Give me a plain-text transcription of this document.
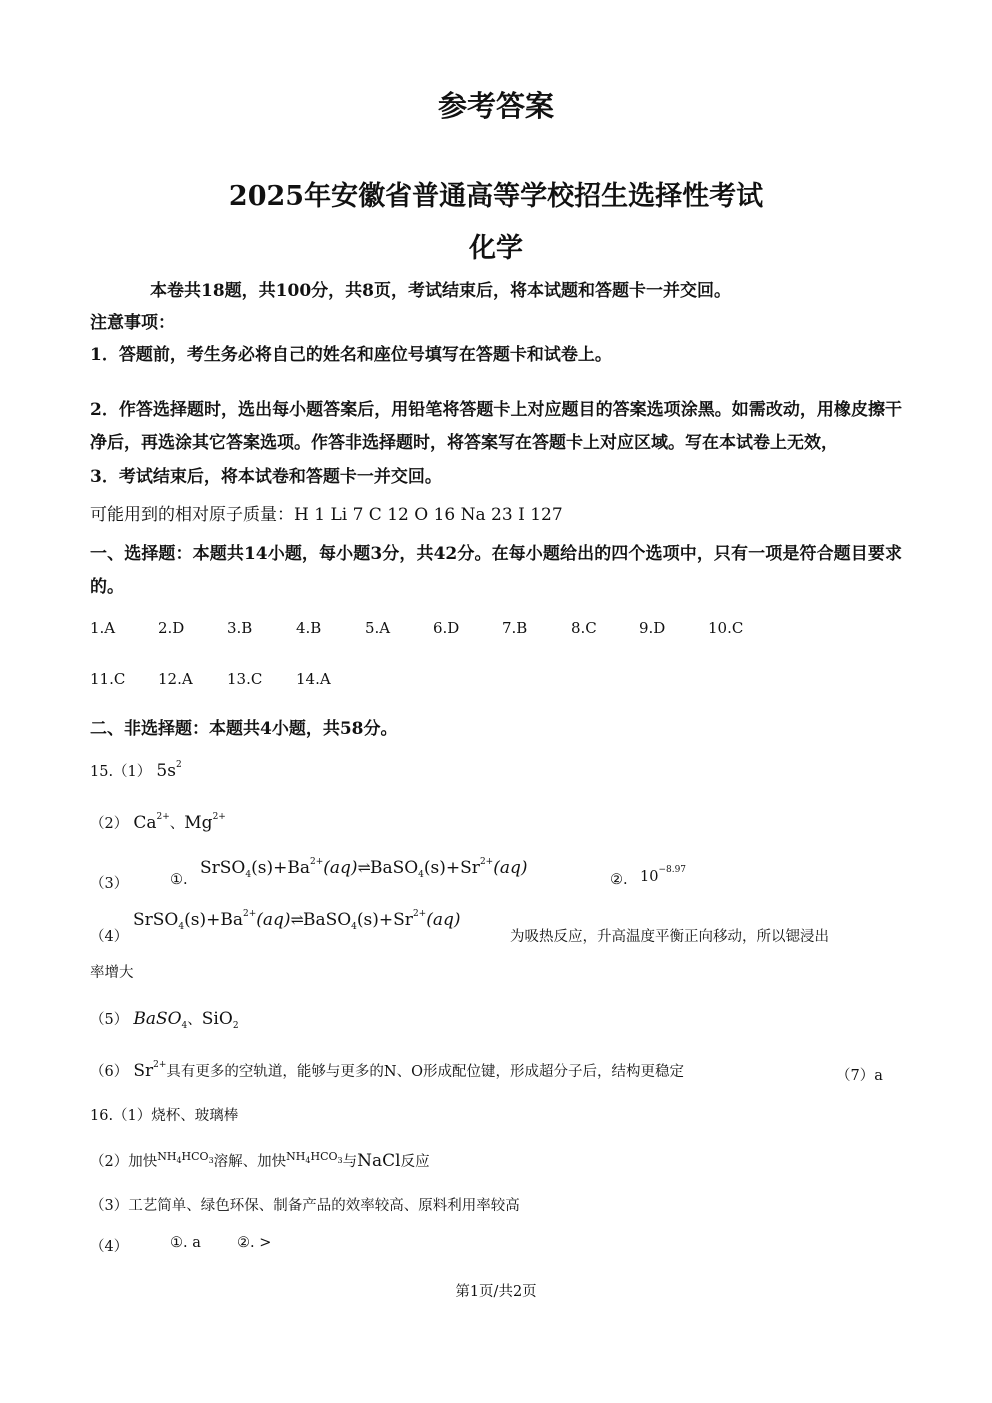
参考答案
2025年安徽省普通高等学校招生选择性考试
化学
本卷共18题，共100分，共8页，考试结束后，将本试题和答题卡一并交回。
注意事项：
1．答题前，考生务必将自己的姓名和座位号填写在答题卡和试卷上。
2．作答选择题时，选出每小题答案后，用铅笔将答题卡上对应题目的答案选项涂黑。如需改动，用橡皮擦干净后，再选涂其它答案选项。作答非选择题时，将答案写在答题卡上对应区域。写在本试卷上无效，
3．考试结束后，将本试卷和答题卡一并交回。
可能用到的相对原子质量：H 1 Li 7 C 12 O 16 Na 23 I 127
一、选择题：本题共14小题，每小题3分，共42分。在每小题给出的四个选项中，只有一项是符合题目要求的。
1.A	2.D	3.B	4.B	5.A	6.D	7.B	8.C	9.D	10.C
11.C 12.A 13.C 14.A
二、非选择题：本题共4小题，共58分。
15.（1） $5s^2$
（2） $Ca^{2+}$、$Mg^{2+}$
（3）	①.
$SrSO_4(s)+Ba^{2+}(aq)\rightleftharpoons BaSO_4(s)+Sr^{2+}(aq)$
②. $10^{-8.97}$
（4）
$SrSO_4(s)+Ba^{2+}(aq)\rightleftharpoons BaSO_4(s)+Sr^{2+}(aq)$
为吸热反应，升高温度平衡正向移动，所以锶浸出
率增大
（5） BaSO$_4$、SiO$_2$
（6） $Sr^{2+}$具有更多的空轨道，能够与更多的N、O形成配位键，形成超分子后，结构更稳定	（7）a
16.（1）烧杯、玻璃棒
（2）加快$^{NH_4HCO_3}$溶解、加快$^{NH_4HCO_3}$与NaCl反应
（3）工艺简单、绿色环保、制备产品的效率较高、原料利用率较高
（4）	①. a ②. >
第1页/共2页
